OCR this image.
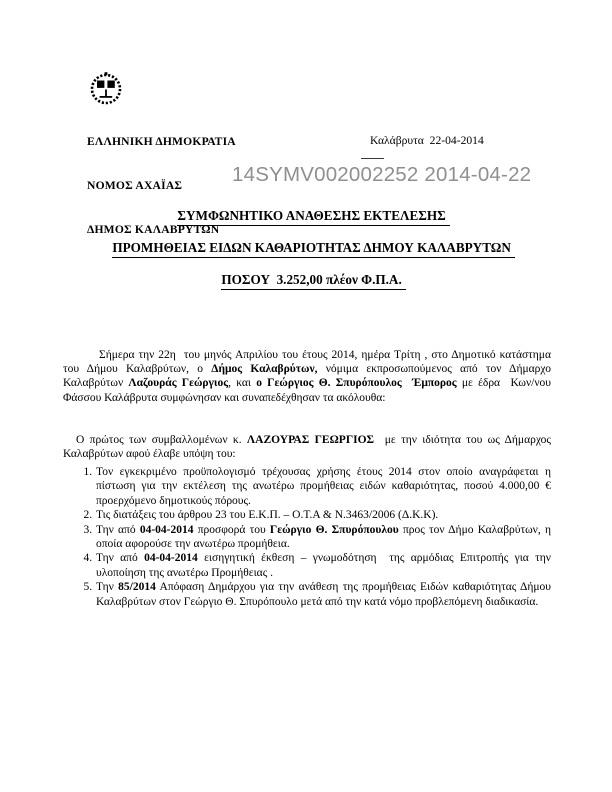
ΕΛΛΗΝΙΚΗ ΔΗΜΟΚΡΑΤΙΑ

ΝΟΜΟΣ ΑΧΑΪΑΣ

ΔΗΜΟΣ ΚΑΛΑΒΡΥΤΩΝ

Καλάβρυτα  22-04-2014
14SYMV002002252 2014-04-22

ΣΥΜΦΩΝΗΤΙΚΟ ΑΝΑΘΕΣΗΣ ΕΚΤΕΛΕΣΗΣ

ΠΡΟΜΗΘΕΙΑΣ ΕΙΔΩΝ ΚΑΘΑΡΙΟΤΗΤΑΣ ΔΗΜΟΥ ΚΑΛΑΒΡΥΤΩΝ

ΠΟΣΟΥ  3.252,00 πλέον Φ.Π.Α.

Σήμερα την 22η  του μηνός Απριλίου του έτους 2014, ημέρα Τρίτη , στο Δημοτικό κατάστημα του Δήμου Καλαβρύτων, ο Δήμος Καλαβρύτων, νόμιμα εκπροσωπούμενος από τον Δήμαρχο Καλαβρύτων Λαζουράς Γεώργιος, και ο Γεώργιος Θ. Σπυρόπουλος  Έμπορος με έδρα  Κων/νου Φάσσου Καλάβρυτα συμφώνησαν και συναπεδέχθησαν τα ακόλουθα:

Ο πρώτος των συμβαλλομένων κ. ΛΑΖΟΥΡΑΣ ΓΕΩΡΓΙΟΣ  με την ιδιότητα του ως Δήμαρχος Καλαβρύτων αφού έλαβε υπόψη του:

1. Τον εγκεκριμένο προϋπολογισμό τρέχουσας χρήσης έτους 2014 στον οποίο αναγράφεται η πίστωση για την εκτέλεση της ανωτέρω προμήθειας ειδών καθαριότητας, ποσού 4.000,00 € προερχόμενο δημοτικούς πόρους.
2. Τις διατάξεις του άρθρου 23 του Ε.Κ.Π. – Ο.Τ.Α & Ν.3463/2006 (Δ.Κ.Κ).
3. Την από 04-04-2014 προσφορά του Γεώργιο Θ. Σπυρόπουλου προς τον Δήμο Καλαβρύτων, η οποία αφορούσε την ανωτέρω προμήθεια.
4. Την από 04-04-2014 εισηγητική έκθεση – γνωμοδότηση  της αρμόδιας Επιτροπής για την υλοποίηση της ανωτέρω Προμήθειας .
5. Την 85/2014 Απόφαση Δημάρχου για την ανάθεση της προμήθειας Ειδών καθαριότητας Δήμου Καλαβρύτων στον Γεώργιο Θ. Σπυρόπουλο μετά από την κατά νόμο προβλεπόμενη διαδικασία.
